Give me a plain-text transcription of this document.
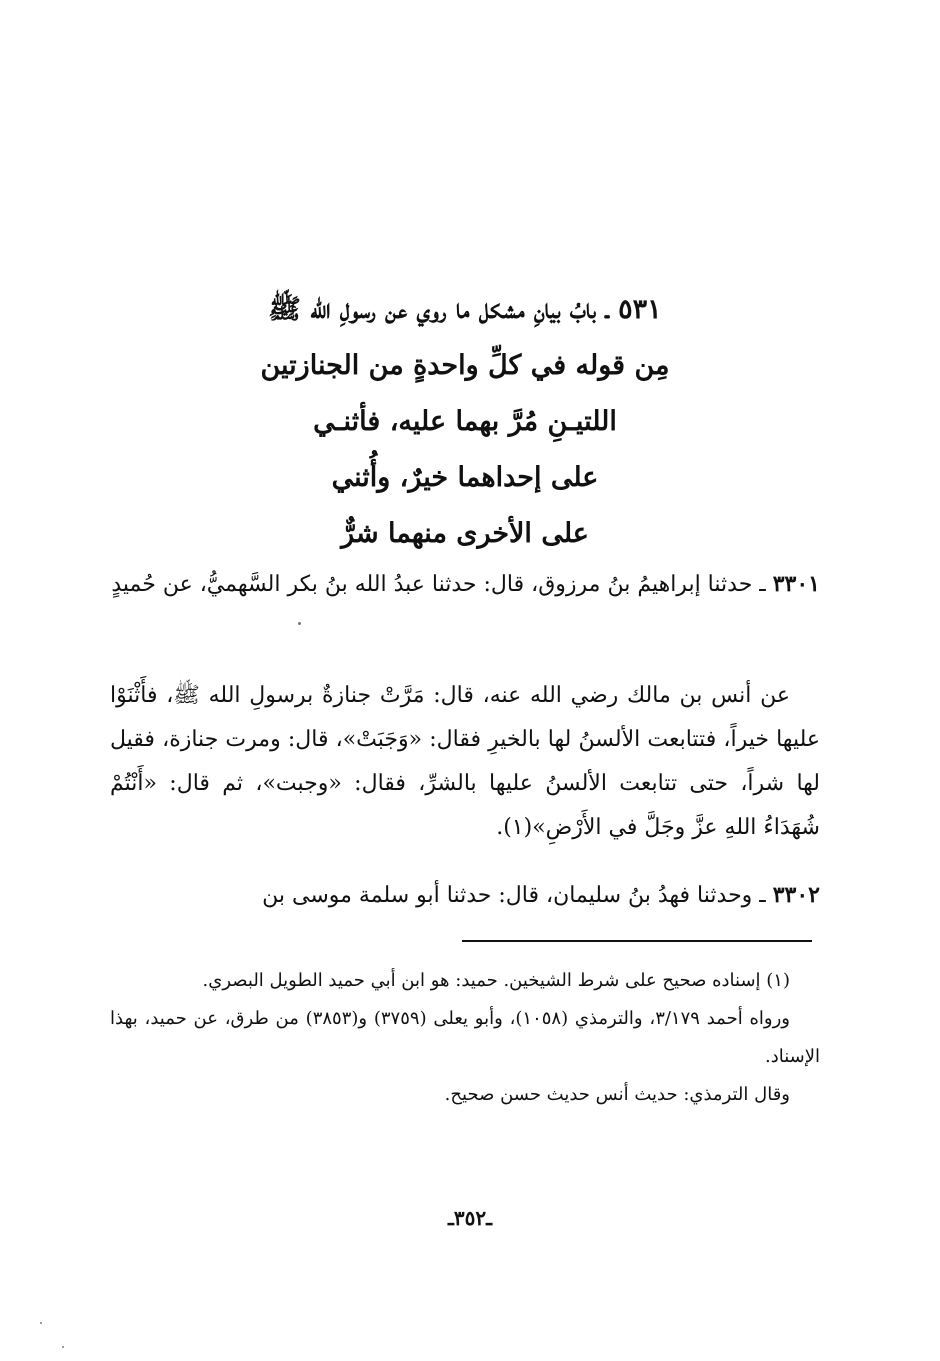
٥٣١ ـ بابُ بيانِ مشكل ما روي عن رسولِ الله ﷺ
مِن قوله في كلِّ واحدةٍ من الجنازتين
اللتيـنِ مُرَّ بهما عليه، فأثنـي
على إحداهما خيرٌ، وأُثني
على الأخرى منهما شرٌّ
٣٣٠١ ـ حدثنا إبراهيمُ بنُ مرزوق، قال: حدثنا عبدُ الله بنُ بكر السَّهميُّ، عن حُميدٍ
عن أنس بن مالك رضي الله عنه، قال: مَرَّتْ جنازةٌ برسولِ الله ﷺ، فأَثْنَوْا عليها خيراً، فتتابعت الألسنُ لها بالخيرِ فقال: «وَجَبَتْ»، قال: ومرت جنازة، فقيل لها شراً، حتى تتابعت الألسنُ عليها بالشرِّ، فقال: «وجبت»، ثم قال: «أَنْتُمْ شُهَدَاءُ اللهِ عزَّ وجَلَّ في الأَرْضِ»(١).
٣٣٠٢ ـ وحدثنا فهدُ بنُ سليمان، قال: حدثنا أبو سلمة موسى بن

(١) إسناده صحيح على شرط الشيخين. حميد: هو ابن أبي حميد الطويل البصري.

ورواه أحمد ٣/١٧٩، والترمذي (١٠٥٨)، وأبو يعلى (٣٧٥٩) و(٣٨٥٣) من طرق، عن حميد، بهذا الإسناد.

وقال الترمذي: حديث أنس حديث حسن صحيح.

ـ٣٥٢ـ
